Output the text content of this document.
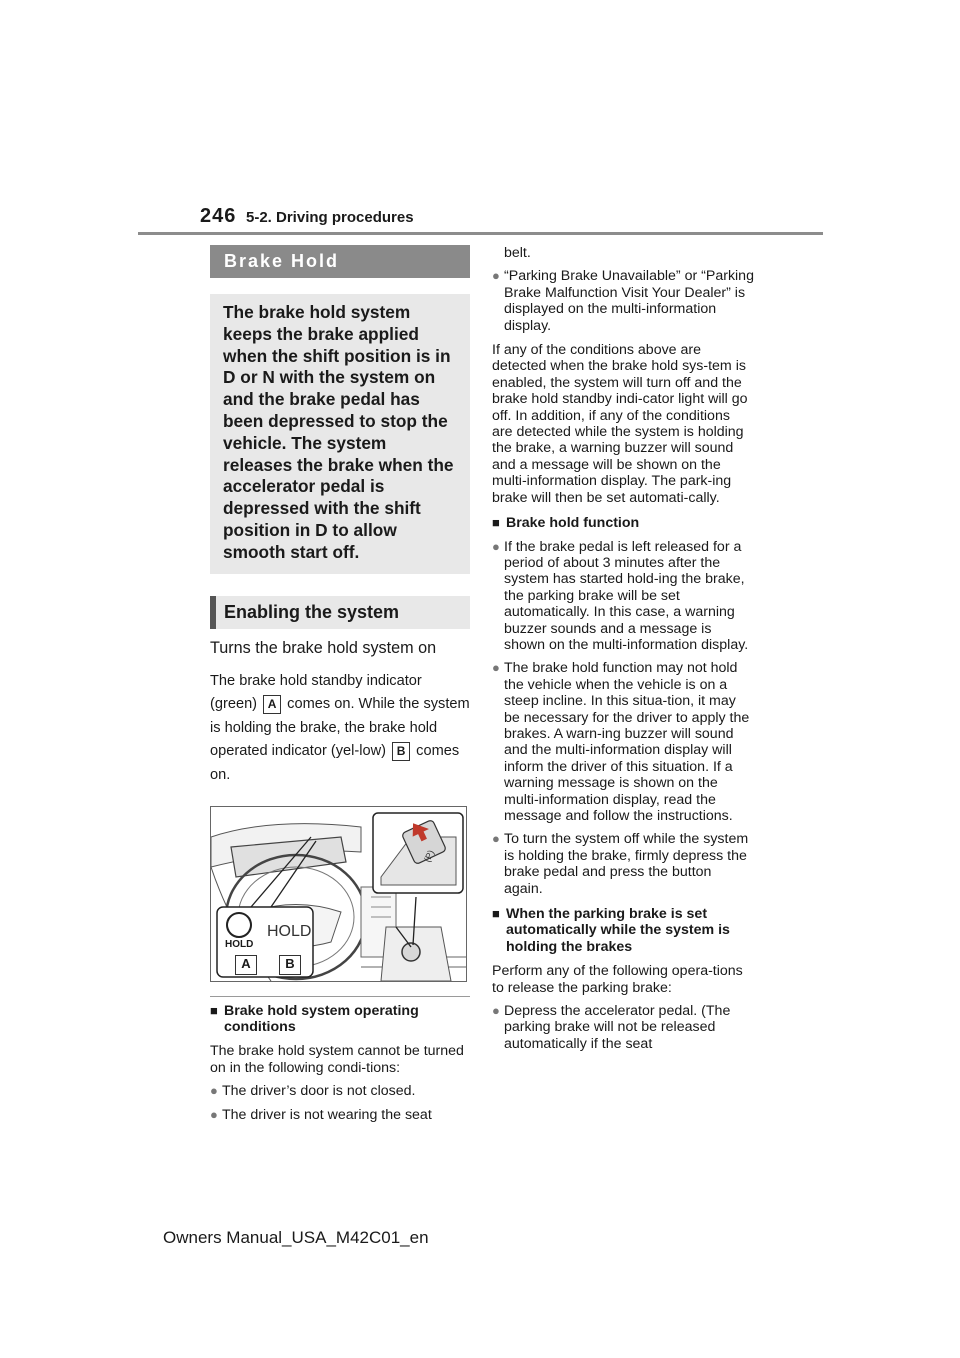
246 5-2. Driving procedures
Brake Hold
The brake hold system keeps the brake applied when the shift position is in D or N with the system on and the brake pedal has been depressed to stop the vehicle. The system releases the brake when the accelerator pedal is depressed with the shift position in D to allow smooth start off.
Enabling the system
Turns the brake hold system on
The brake hold standby indicator (green) A comes on. While the system is holding the brake, the brake hold operated indicator (yel-low) B comes on.
HOLD
HOLD
A	B
(P)
■ Brake hold system operating conditions
The brake hold system cannot be turned on in the following condi-tions:
● The driver’s door is not closed.
● The driver is not wearing the seat
belt.
● “Parking Brake Unavailable” or “Parking Brake Malfunction Visit Your Dealer” is displayed on the multi-information display.
If any of the conditions above are detected when the brake hold sys-tem is enabled, the system will turn off and the brake hold standby indi-cator light will go off. In addition, if any of the conditions are detected while the system is holding the brake, a warning buzzer will sound and a message will be shown on the multi-information display. The park-ing brake will then be set automati-cally.
■ Brake hold function
● If the brake pedal is left released for a period of about 3 minutes after the system has started hold-ing the brake, the parking brake will be set automatically. In this case, a warning buzzer sounds and a message is shown on the multi-information display.
● The brake hold function may not hold the vehicle when the vehicle is on a steep incline. In this situa-tion, it may be necessary for the driver to apply the brakes. A warn-ing buzzer will sound and the multi-information display will inform the driver of this situation. If a warning message is shown on the multi-information display, read the message and follow the instructions.
● To turn the system off while the system is holding the brake, firmly depress the brake pedal and press the button again.
■ When the parking brake is set automatically while the system is holding the brakes
Perform any of the following opera-tions to release the parking brake:
● Depress the accelerator pedal. (The parking brake will not be released automatically if the seat
Owners Manual_USA_M42C01_en
